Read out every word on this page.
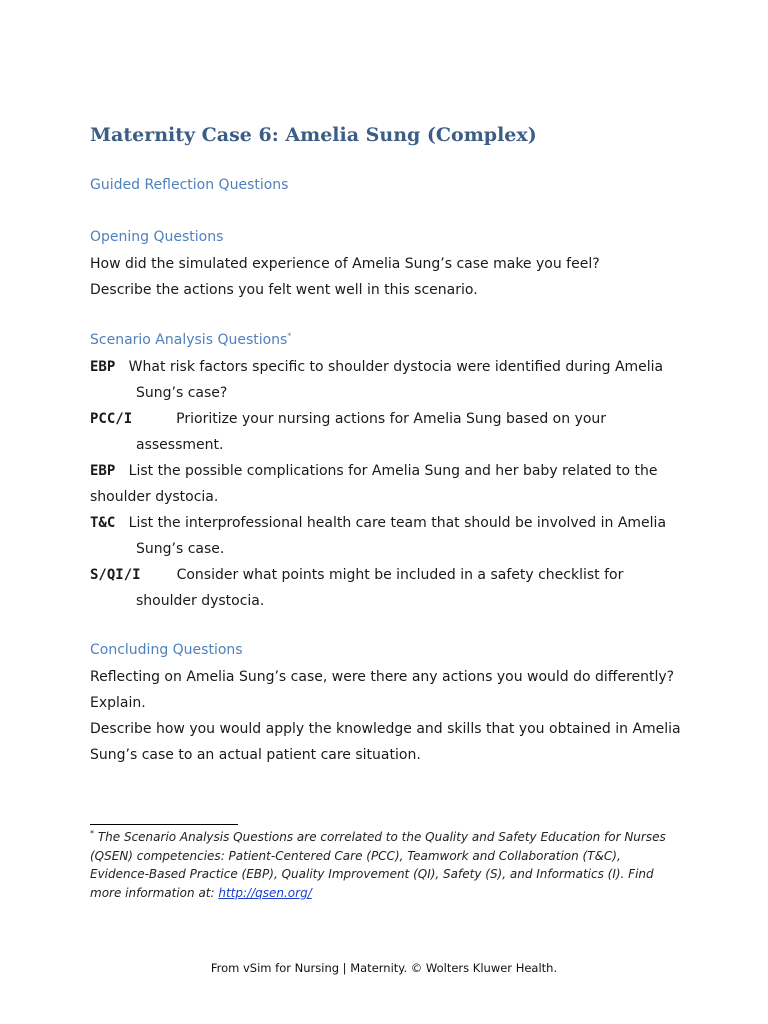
Maternity Case 6: Amelia Sung (Complex)
Guided Reflection Questions
Opening Questions
How did the simulated experience of Amelia Sung’s case make you feel?
Describe the actions you felt went well in this scenario.
Scenario Analysis Questions*
EBP What risk factors specific to shoulder dystocia were identified during Amelia
Sung’s case?
PCC/I	Prioritize your nursing actions for Amelia Sung based on your
assessment.
EBP List the possible complications for Amelia Sung and her baby related to the
shoulder dystocia.
T&C List the interprofessional health care team that should be involved in Amelia
Sung’s case.
S/QI/I	Consider what points might be included in a safety checklist for
shoulder dystocia.
Concluding Questions
Reflecting on Amelia Sung’s case, were there any actions you would do differently?
Explain.
Describe how you would apply the knowledge and skills that you obtained in Amelia
Sung’s case to an actual patient care situation.
* The Scenario Analysis Questions are correlated to the Quality and Safety Education for Nurses (QSEN) competencies: Patient-Centered Care (PCC), Teamwork and Collaboration (T&C), Evidence-Based Practice (EBP), Quality Improvement (QI), Safety (S), and Informatics (I). Find more information at: http://qsen.org/
From vSim for Nursing | Maternity. © Wolters Kluwer Health.
